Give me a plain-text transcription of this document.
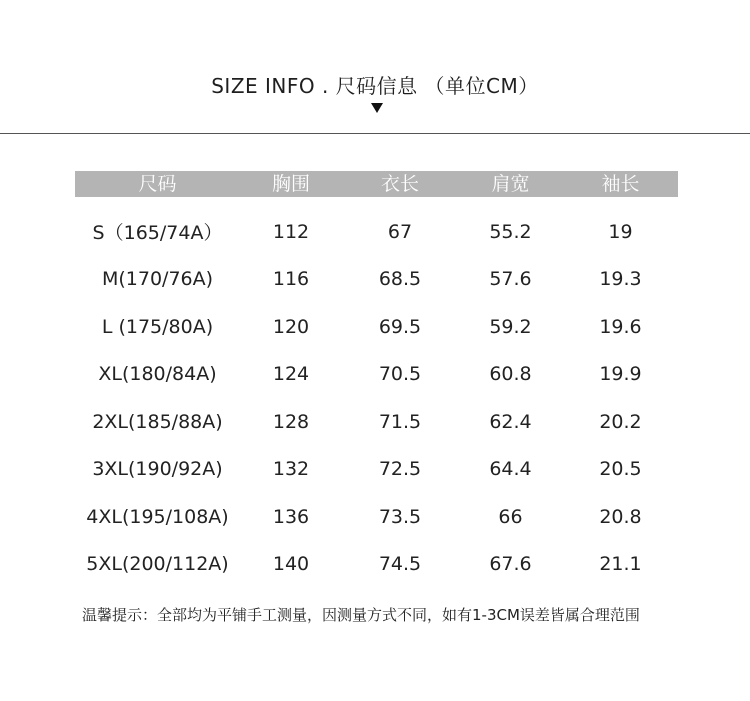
SIZE INFO . 尺码信息 （单位CM）
尺码	胸围	衣长	肩宽	袖长
S（165/74A）	112	67	55.2	19
M(170/76A)	116	68.5	57.6	19.3
L (175/80A)	120	69.5	59.2	19.6
XL(180/84A)	124	70.5	60.8	19.9
2XL(185/88A)	128	71.5	62.4	20.2
3XL(190/92A)	132	72.5	64.4	20.5
4XL(195/108A)	136	73.5	66	20.8
5XL(200/112A)	140	74.5	67.6	21.1
温馨提示：全部均为平铺手工测量，因测量方式不同，如有1-3CM误差皆属合理范围
